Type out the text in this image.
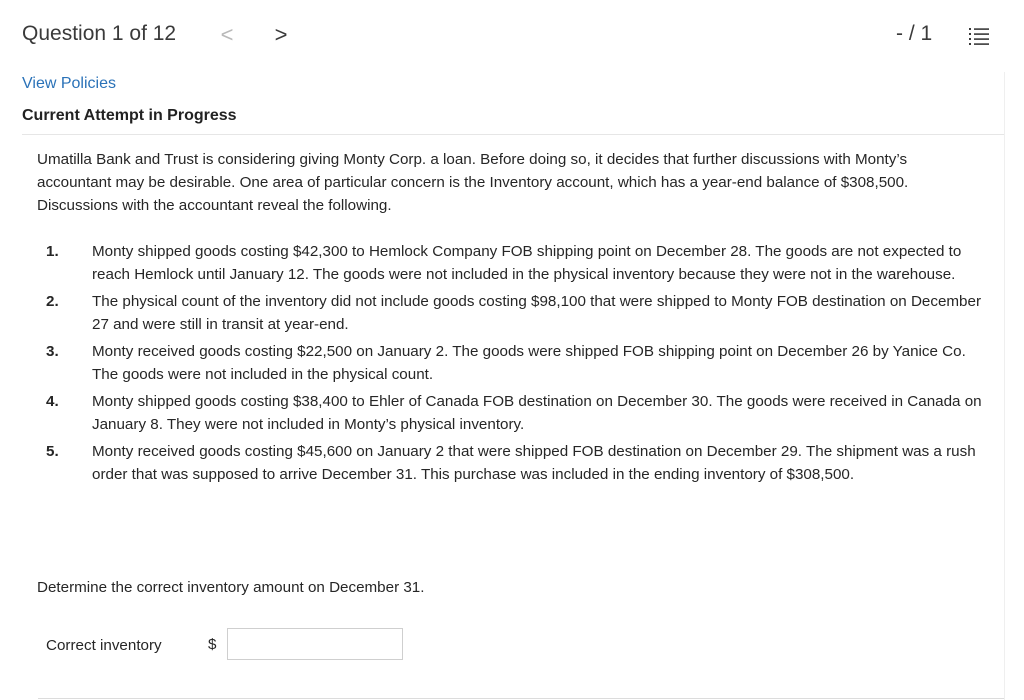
Question 1 of 12 < >	- / 1
View Policies
Current Attempt in Progress
Umatilla Bank and Trust is considering giving Monty Corp. a loan. Before doing so, it decides that further discussions with Monty’s accountant may be desirable. One area of particular concern is the Inventory account, which has a year-end balance of $308,500. Discussions with the accountant reveal the following.
1.	Monty shipped goods costing $42,300 to Hemlock Company FOB shipping point on December 28. The goods are not expected to reach Hemlock until January 12. The goods were not included in the physical inventory because they were not in the warehouse.
2.	The physical count of the inventory did not include goods costing $98,100 that were shipped to Monty FOB destination on December 27 and were still in transit at year-end.
3.	Monty received goods costing $22,500 on January 2. The goods were shipped FOB shipping point on December 26 by Yanice Co. The goods were not included in the physical count.
4.	Monty shipped goods costing $38,400 to Ehler of Canada FOB destination on December 30. The goods were received in Canada on January 8. They were not included in Monty’s physical inventory.
5.	Monty received goods costing $45,600 on January 2 that were shipped FOB destination on December 29. The shipment was a rush order that was supposed to arrive December 31. This purchase was included in the ending inventory of $308,500.
Determine the correct inventory amount on December 31.
Correct inventory	$
